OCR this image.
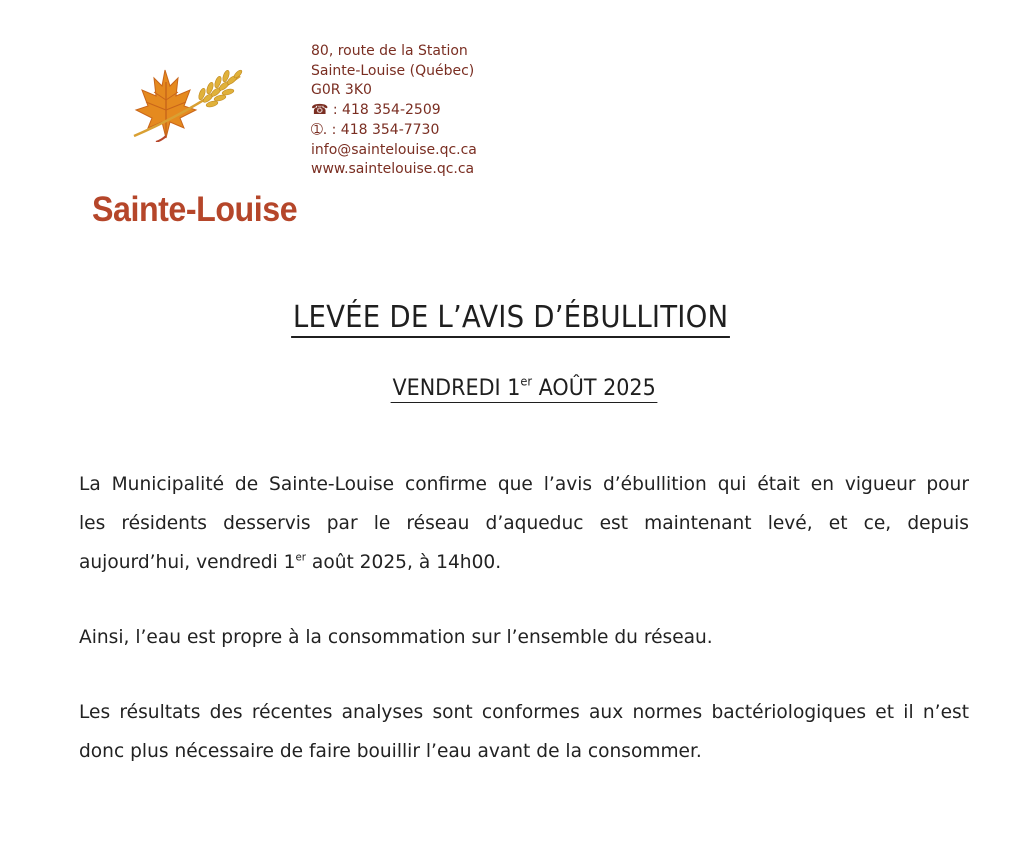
Sainte-Louise
80, route de la Station
Sainte-Louise (Québec)
G0R 3K0
☎ : 418 354-2509
➀. : 418 354-7730
info@saintelouise.qc.ca
www.saintelouise.qc.ca
LEVÉE DE L’AVIS D’ÉBULLITION
VENDREDI 1er AOÛT 2025
La Municipalité de Sainte-Louise confirme que l’avis d’ébullition qui était en vigueur pour
les résidents desservis par le réseau d’aqueduc est maintenant levé, et ce, depuis
aujourd’hui, vendredi 1er août 2025, à 14h00.
Ainsi, l’eau est propre à la consommation sur l’ensemble du réseau.
Les résultats des récentes analyses sont conformes aux normes bactériologiques et il n’est
donc plus nécessaire de faire bouillir l’eau avant de la consommer.
